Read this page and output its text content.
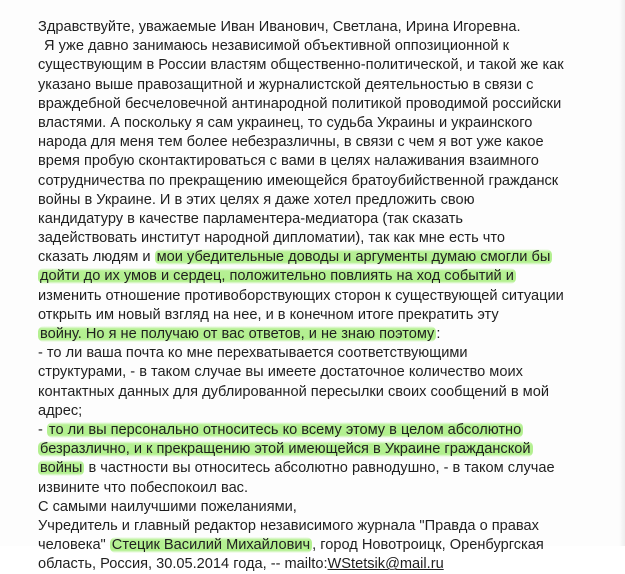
Здравствуйте, уважаемые Иван Иванович, Светлана, Ирина Игоревна.
Я уже давно занимаюсь независимой объективной оппозиционной к
существующим в России властям общественно-политической, и такой же как
указано выше правозащитной и журналистской деятельностью в связи с
враждебной бесчеловечной антинародной политикой проводимой российски
властями. А поскольку я сам украинец, то судьба Украины и украинского
народа для меня тем более небезразличны, в связи с чем я вот уже какое
время пробую сконтактироваться с вами в целях налаживания взаимного
сотрудничества по прекращению имеющейся братоубийственной гражданск
войны в Украине. И в этих целях я даже хотел предложить свою
кандидатуру в качестве парламентера-медиатора (так сказать
задействовать институт народной дипломатии), так как мне есть что
сказать людям и мои убедительные доводы и аргументы думаю смогли бы
дойти до их умов и сердец, положительно повлиять на ход событий и
изменить отношение противоборствующих сторон к существующей ситуации
открыть им новый взгляд на нее, и в конечном итоге прекратить эту
войну. Но я не получаю от вас ответов, и не знаю поэтому :
- то ли ваша почта ко мне перехватывается соответствующими
структурами, - в таком случае вы имеете достаточное количество моих
контактных данных для дублированной пересылки своих сообщений в мой
адрес;
- то ли вы персонально относитесь ко всему этому в целом абсолютно
безразлично, и к прекращению этой имеющейся в Украине гражданской
войны в частности вы относитесь абсолютно равнодушно, - в таком случае
извините что побеспокоил вас.
С самыми наилучшими пожеланиями,
Учредитель и главный редактор независимого журнала "Правда о правах
человека" Стецик Василий Михайлович , город Новотроицк, Оренбургская
область, Россия, 30.05.2014 года, -- mailto:WStetsik@mail.ru
